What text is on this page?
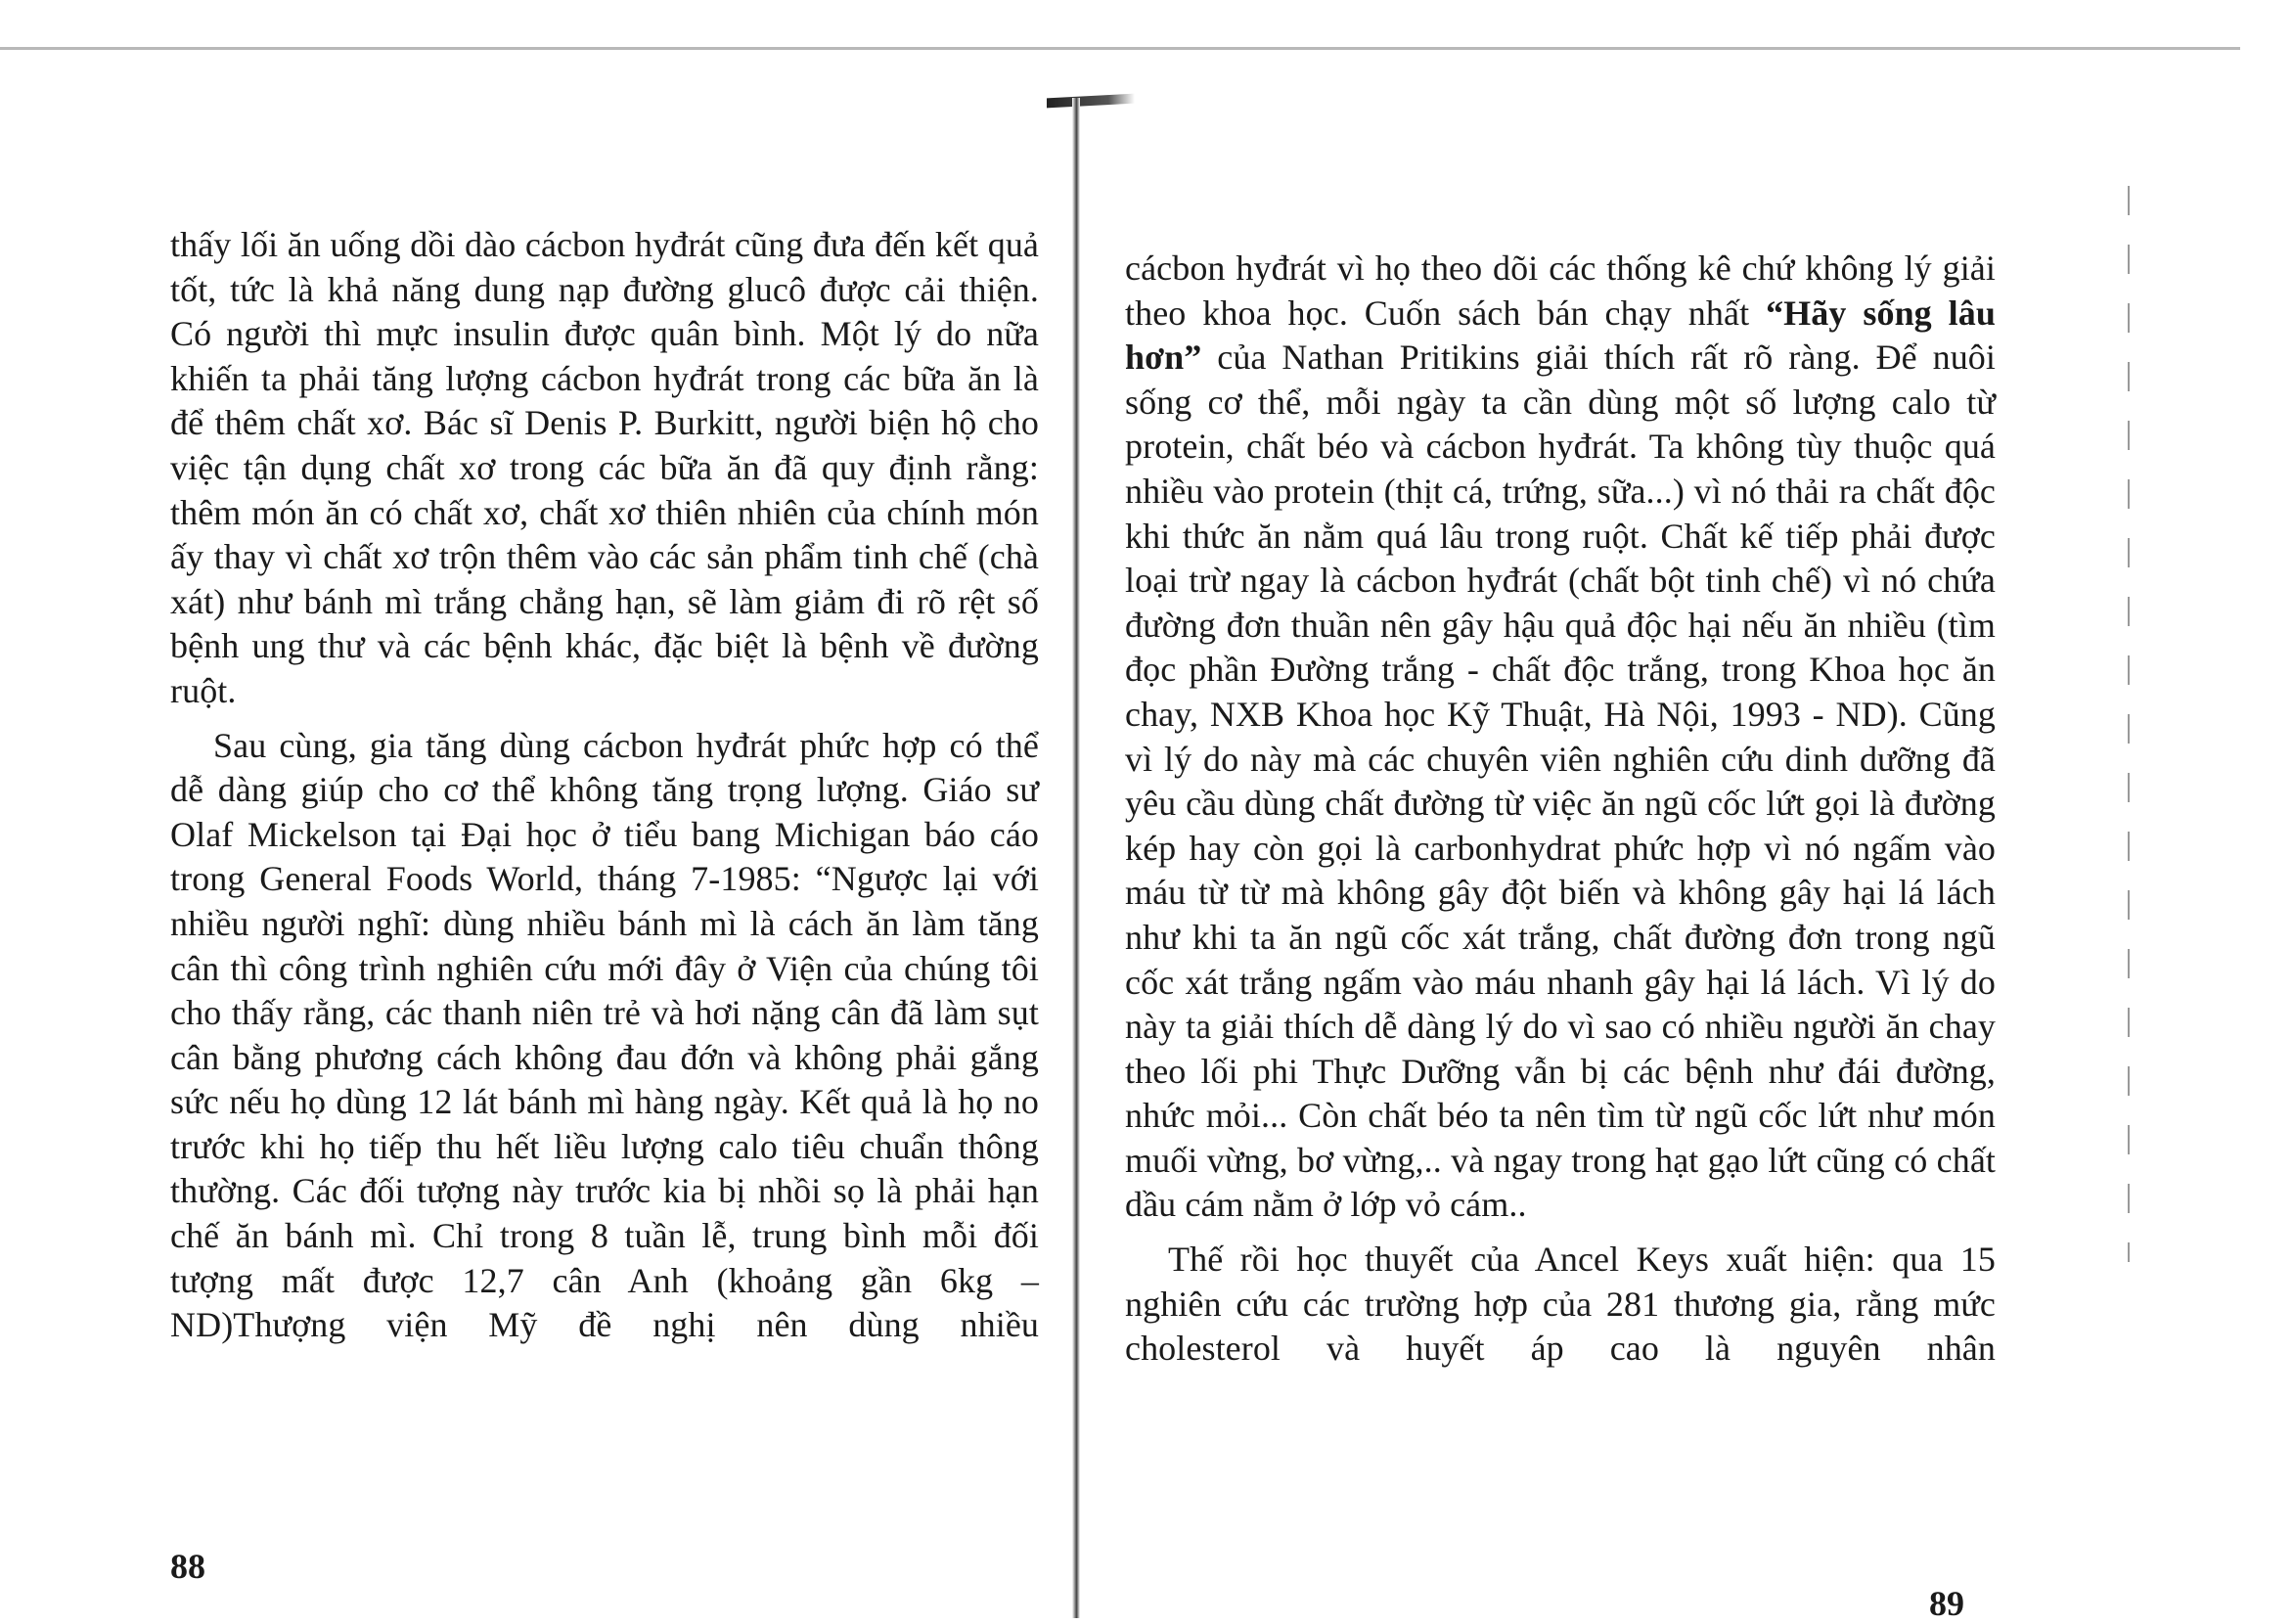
thấy lối ăn uống dồi dào cácbon hyđrát cũng đưa đến kết quả tốt, tức là khả năng dung nạp đường glucô được cải thiện. Có người thì mực insulin được quân bình. Một lý do nữa khiến ta phải tăng lượng cácbon hyđrát trong các bữa ăn là để thêm chất xơ. Bác sĩ Denis P. Burkitt, người biện hộ cho việc tận dụng chất xơ trong các bữa ăn đã quy định rằng: thêm món ăn có chất xơ, chất xơ thiên nhiên của chính món ấy thay vì chất xơ trộn thêm vào các sản phẩm tinh chế (chà xát) như bánh mì trắng chẳng hạn, sẽ làm giảm đi rõ rệt số bệnh ung thư và các bệnh khác, đặc biệt là bệnh về đường ruột.

Sau cùng, gia tăng dùng cácbon hyđrát phức hợp có thể dễ dàng giúp cho cơ thể không tăng trọng lượng. Giáo sư Olaf Mickelson tại Đại học ở tiểu bang Michigan báo cáo trong General Foods World, tháng 7-1985: “Ngược lại với nhiều người nghĩ: dùng nhiều bánh mì là cách ăn làm tăng cân thì công trình nghiên cứu mới đây ở Viện của chúng tôi cho thấy rằng, các thanh niên trẻ và hơi nặng cân đã làm sụt cân bằng phương cách không đau đớn và không phải gắng sức nếu họ dùng 12 lát bánh mì hàng ngày. Kết quả là họ no trước khi họ tiếp thu hết liều lượng calo tiêu chuẩn thông thường. Các đối tượng này trước kia bị nhồi sọ là phải hạn chế ăn bánh mì. Chỉ trong 8 tuần lễ, trung bình mỗi đối tượng mất được 12,7 cân Anh (khoảng gần 6kg –ND)Thượng viện Mỹ đề nghị nên dùng nhiều

88

cácbon hyđrát vì họ theo dõi các thống kê chứ không lý giải theo khoa học. Cuốn sách bán chạy nhất “Hãy sống lâu hơn” của Nathan Pritikins giải thích rất rõ ràng. Để nuôi sống cơ thể, mỗi ngày ta cần dùng một số lượng calo từ protein, chất béo và cácbon hyđrát. Ta không tùy thuộc quá nhiều vào protein (thịt cá, trứng, sữa...) vì nó thải ra chất độc khi thức ăn nằm quá lâu trong ruột. Chất kế tiếp phải được loại trừ ngay là cácbon hyđrát (chất bột tinh chế) vì nó chứa đường đơn thuần nên gây hậu quả độc hại nếu ăn nhiều (tìm đọc phần Đường trắng - chất độc trắng, trong Khoa học ăn chay, NXB Khoa học Kỹ Thuật, Hà Nội, 1993 - ND). Cũng vì lý do này mà các chuyên viên nghiên cứu dinh dưỡng đã yêu cầu dùng chất đường từ việc ăn ngũ cốc lứt gọi là đường kép hay còn gọi là carbonhydrat phức hợp vì nó ngấm vào máu từ từ mà không gây đột biến và không gây hại lá lách như khi ta ăn ngũ cốc xát trắng, chất đường đơn trong ngũ cốc xát trắng ngấm vào máu nhanh gây hại lá lách. Vì lý do này ta giải thích dễ dàng lý do vì sao có nhiều người ăn chay theo lối phi Thực Dưỡng vẫn bị các bệnh như đái đường, nhức mỏi... Còn chất béo ta nên tìm từ ngũ cốc lứt như món muối vừng, bơ vừng,.. và ngay trong hạt gạo lứt cũng có chất dầu cám nằm ở lớp vỏ cám..

Thế rồi học thuyết của Ancel Keys xuất hiện: qua 15 nghiên cứu các trường hợp của 281 thương gia, rằng mức cholesterol và huyết áp cao là nguyên nhân

89
